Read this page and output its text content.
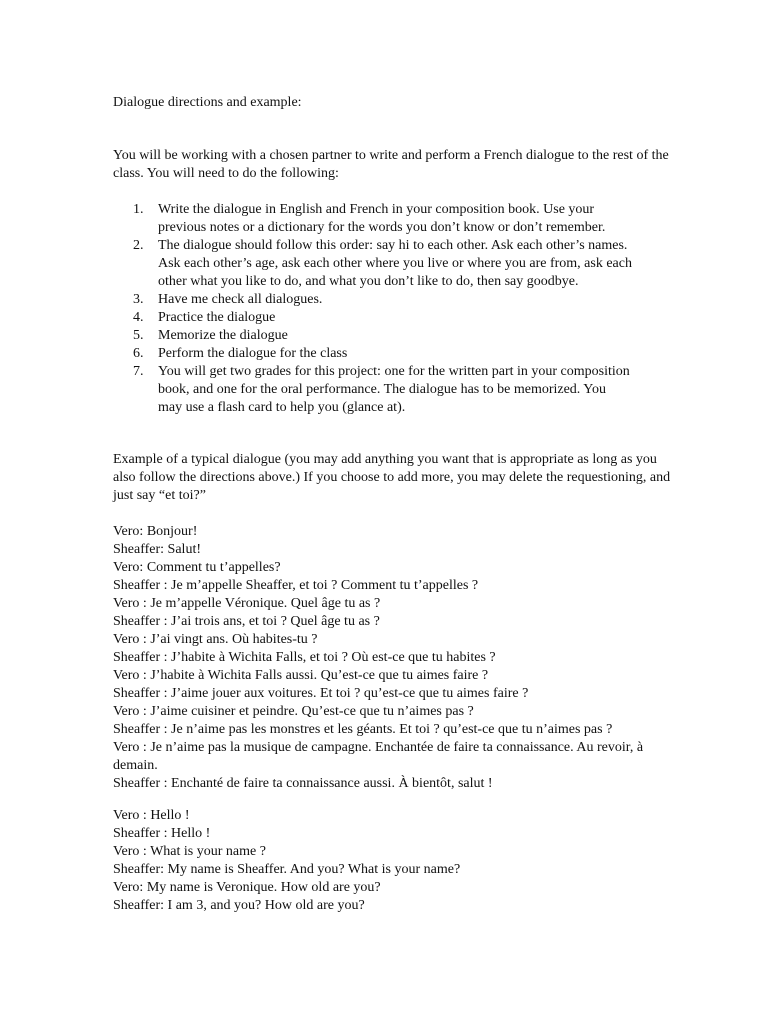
Dialogue directions and example:
You will be working with a chosen partner to write and perform a French dialogue to the rest of the class. You will need to do the following:
1.	Write the dialogue in English and French in your composition book. Use your previous notes or a dictionary for the words you don’t know or don’t remember.
2.	The dialogue should follow this order: say hi to each other. Ask each other’s names. Ask each other’s age, ask each other where you live or where you are from, ask each other what you like to do, and what you don’t like to do, then say goodbye.
3.	Have me check all dialogues.
4.	Practice the dialogue
5.	Memorize the dialogue
6.	Perform the dialogue for the class
7.	You will get two grades for this project: one for the written part in your composition book, and one for the oral performance. The dialogue has to be memorized. You may use a flash card to help you (glance at).
Example of a typical dialogue (you may add anything you want that is appropriate as long as you also follow the directions above.) If you choose to add more, you may delete the requestioning, and just say “et toi?”
Vero: Bonjour!
Sheaffer: Salut!
Vero: Comment tu t’appelles?
Sheaffer : Je m’appelle Sheaffer, et toi ? Comment tu t’appelles ?
Vero : Je m’appelle Véronique. Quel âge tu as ?
Sheaffer : J’ai trois ans, et toi ? Quel âge tu as ?
Vero : J’ai vingt ans. Où habites-tu ?
Sheaffer : J’habite à Wichita Falls, et toi ? Où est-ce que tu habites ?
Vero : J’habite à Wichita Falls aussi. Qu’est-ce que tu aimes faire ?
Sheaffer : J’aime jouer aux voitures. Et toi ? qu’est-ce que tu aimes faire ?
Vero : J’aime cuisiner et peindre. Qu’est-ce que tu n’aimes pas ?
Sheaffer : Je n’aime pas les monstres et les géants. Et toi ? qu’est-ce que tu n’aimes pas ?
Vero : Je n’aime pas la musique de campagne. Enchantée de faire ta connaissance. Au revoir, à demain.
Sheaffer : Enchanté de faire ta connaissance aussi. À bientôt, salut !
Vero : Hello !
Sheaffer : Hello !
Vero : What is your name ?
Sheaffer: My name is Sheaffer. And you? What is your name?
Vero: My name is Veronique. How old are you?
Sheaffer: I am 3, and you? How old are you?
